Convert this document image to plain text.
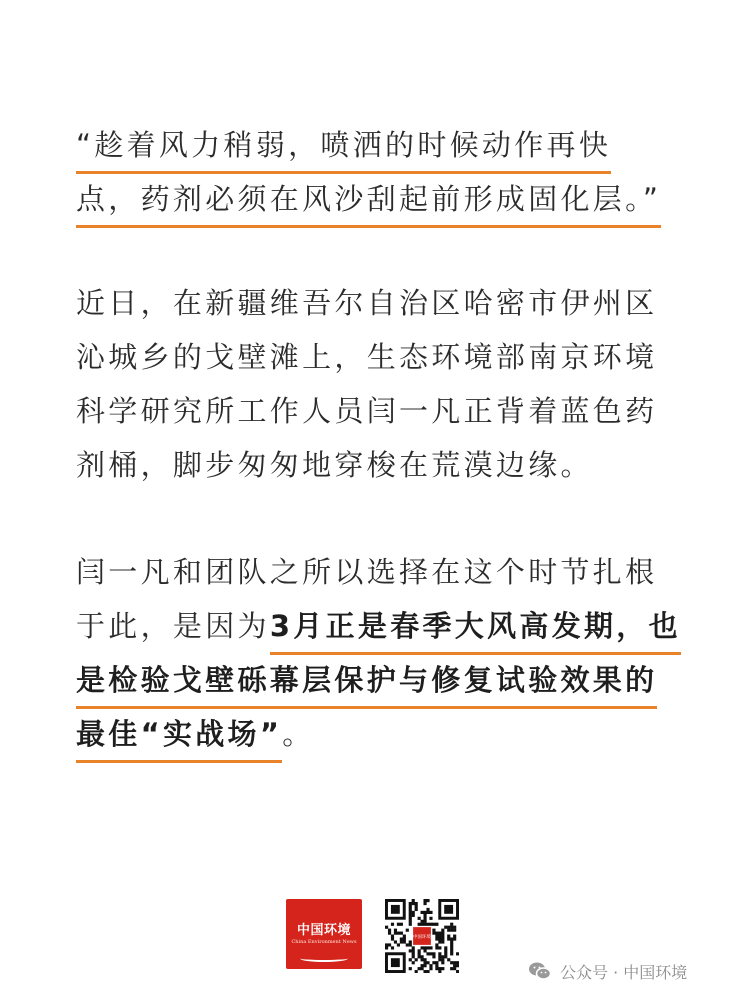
“趁着风力稍弱，喷洒的时候动作再快
点，药剂必须在风沙刮起前形成固化层。”
近日，在新疆维吾尔自治区哈密市伊州区
沁城乡的戈壁滩上，生态环境部南京环境
科学研究所工作人员闫一凡正背着蓝色药
剂桶，脚步匆匆地穿梭在荒漠边缘。
闫一凡和团队之所以选择在这个时节扎根
于此，是因为3月正是春季大风高发期，也
是检验戈壁砾幕层保护与修复试验效果的
最佳“实战场”。
中国环境
China Environment News
中国环境
公众号 · 中国环境
